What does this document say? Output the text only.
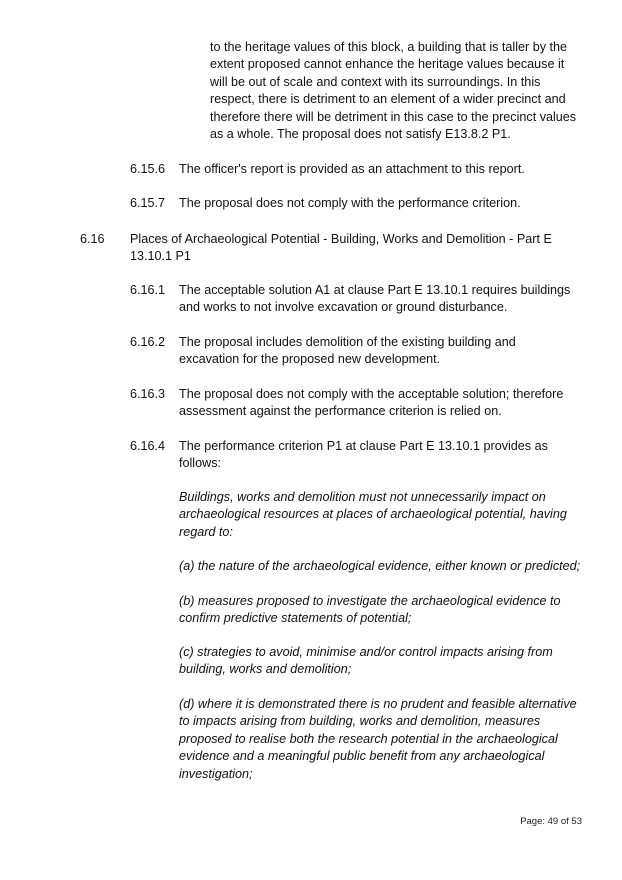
to the heritage values of this block, a building that is taller by the extent proposed cannot enhance the heritage values because it will be out of scale and context with its surroundings. In this respect, there is detriment to an element of a wider precinct and therefore there will be detriment in this case to the precinct values as a whole. The proposal does not satisfy E13.8.2 P1.

6.15.6 The officer's report is provided as an attachment to this report.

6.15.7 The proposal does not comply with the performance criterion.

6.16 Places of Archaeological Potential - Building, Works and Demolition - Part E 13.10.1 P1

6.16.1 The acceptable solution A1 at clause Part E 13.10.1 requires buildings and works to not involve excavation or ground disturbance.

6.16.2 The proposal includes demolition of the existing building and excavation for the proposed new development.

6.16.3 The proposal does not comply with the acceptable solution; therefore assessment against the performance criterion is relied on.

6.16.4 The performance criterion P1 at clause Part E 13.10.1 provides as follows:

Buildings, works and demolition must not unnecessarily impact on archaeological resources at places of archaeological potential, having regard to:

(a) the nature of the archaeological evidence, either known or predicted;

(b) measures proposed to investigate the archaeological evidence to confirm predictive statements of potential;

(c) strategies to avoid, minimise and/or control impacts arising from building, works and demolition;

(d) where it is demonstrated there is no prudent and feasible alternative to impacts arising from building, works and demolition, measures proposed to realise both the research potential in the archaeological evidence and a meaningful public benefit from any archaeological investigation;

Page: 49 of 53
